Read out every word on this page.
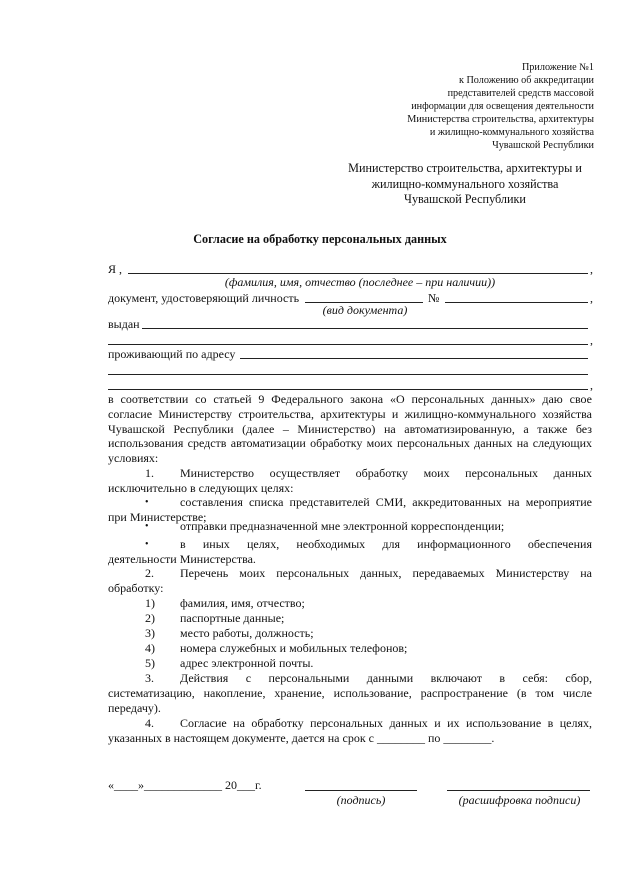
Приложение №1
к Положению об аккредитации
представителей средств массовой
информации для освещения деятельности
Министерства строительства, архитектуры
и жилищно-коммунального хозяйства
Чувашской Республики
Министерство строительства, архитектуры и
жилищно-коммунального хозяйства
Чувашской Республики
Согласие на обработку персональных данных
Я ,	,
(фамилия, имя, отчество (последнее – при наличии))
документ, удостоверяющий личность	№	,
(вид документа)
выдан
,
проживающий по адресу
,
в соответствии со статьей 9 Федерального закона «О персональных данных» даю свое согласие Министерству строительства, архитектуры и жилищно-коммунального хозяйства Чувашской Республики (далее – Министерство) на автоматизированную, а также без использования средств автоматизации обработку моих персональных данных на следующих условиях:
1. Министерство осуществляет обработку моих персональных данных
исключительно в следующих целях:
•	составления списка представителей СМИ, аккредитованных на мероприятие
при Министерстве;
•	отправки предназначенной мне электронной корреспонденции;
•	в иных целях, необходимых для информационного обеспечения
деятельности Министерства.
2. Перечень моих персональных данных, передаваемых Министерству на
обработку:
1) фамилия, имя, отчество;
2) паспортные данные;
3) место работы, должность;
4) номера служебных и мобильных телефонов;
5) адрес электронной почты.
3. Действия с персональными данными включают в себя: сбор,
систематизацию, накопление, хранение, использование, распространение (в том числе передачу).
4. Согласие на обработку персональных данных и их использование в целях,
указанных в настоящем документе, дается на срок с ________ по ________.
«____»_____________ 20___г.
(подпись)	(расшифровка подписи)
